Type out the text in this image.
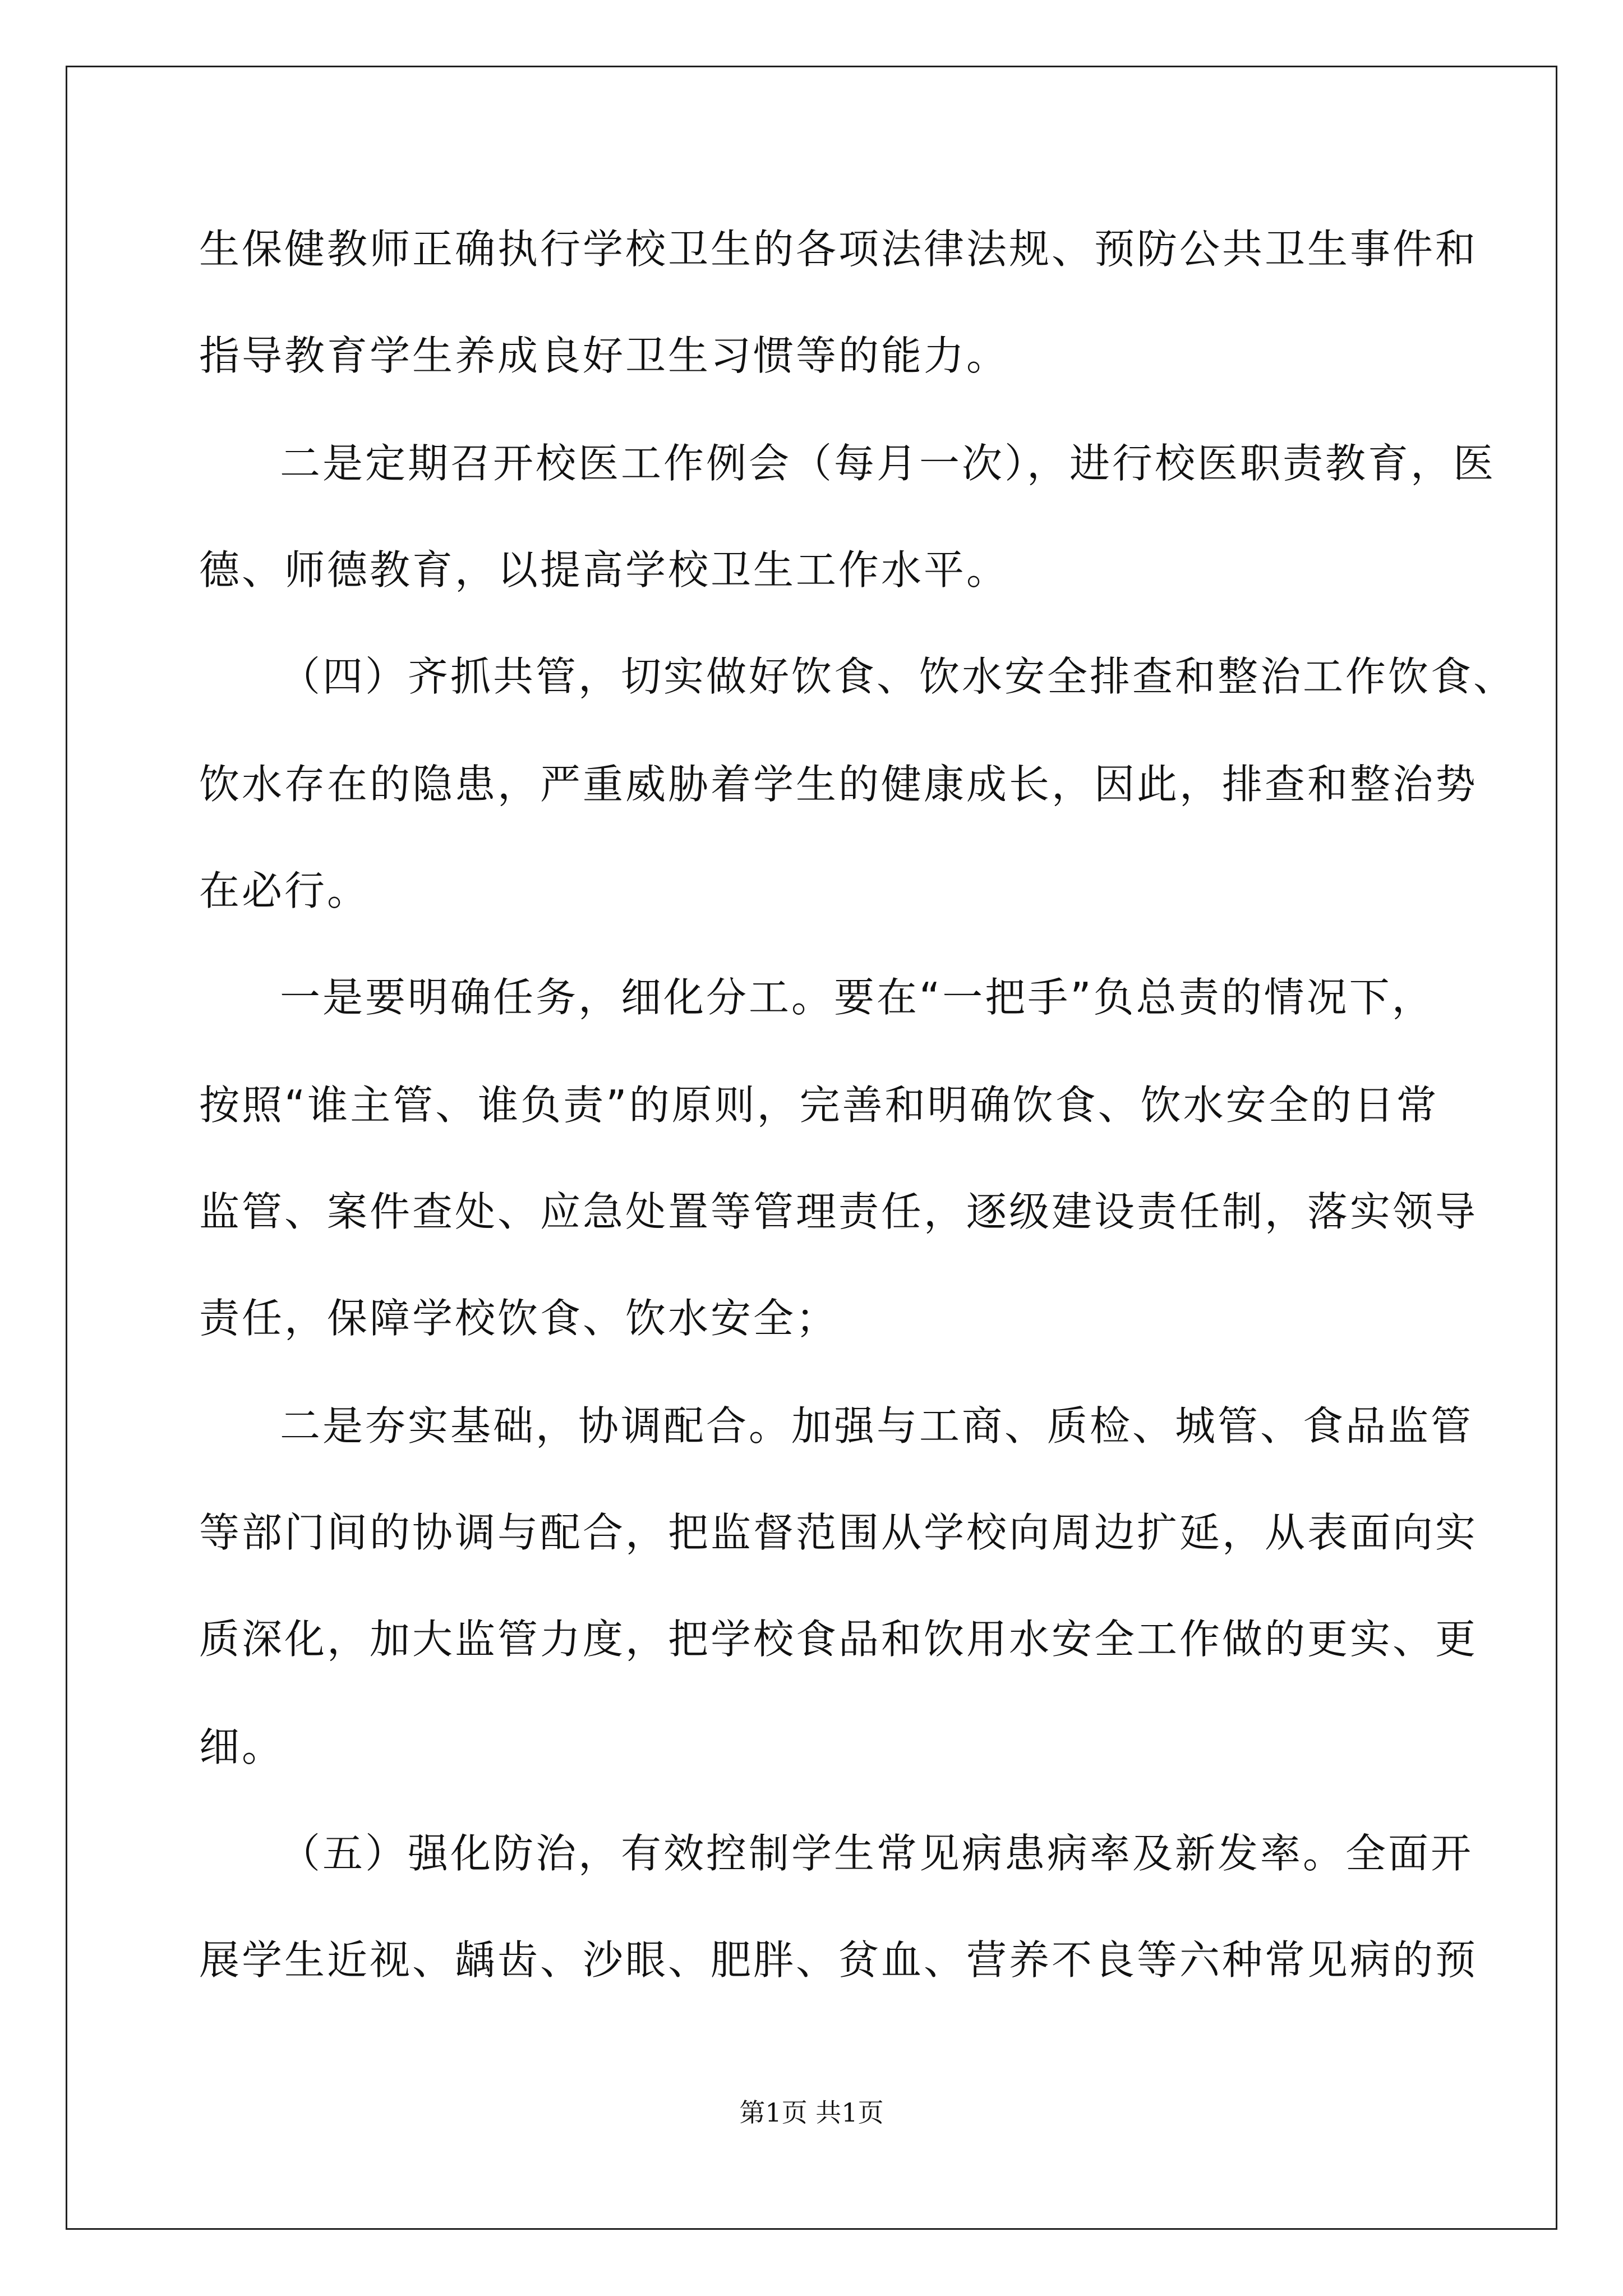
生保健教师正确执行学校卫生的各项法律法规、预防公共卫生事件和
指导教育学生养成良好卫生习惯等的能力。
二是定期召开校医工作例会（每月一次），进行校医职责教育，医
德、师德教育，以提高学校卫生工作水平。
（四）齐抓共管，切实做好饮食、饮水安全排查和整治工作饮食、
饮水存在的隐患，严重威胁着学生的健康成长，因此，排查和整治势
在必行。
一是要明确任务，细化分工。要在“一把手”负总责的情况下，
按照“谁主管、谁负责”的原则，完善和明确饮食、饮水安全的日常
监管、案件查处、应急处置等管理责任，逐级建设责任制，落实领导
责任，保障学校饮食、饮水安全；
二是夯实基础，协调配合。加强与工商、质检、城管、食品监管
等部门间的协调与配合，把监督范围从学校向周边扩延，从表面向实
质深化，加大监管力度，把学校食品和饮用水安全工作做的更实、更
细。
（五）强化防治，有效控制学生常见病患病率及新发率。全面开
展学生近视、龋齿、沙眼、肥胖、贫血、营养不良等六种常见病的预
第1页 共1页
